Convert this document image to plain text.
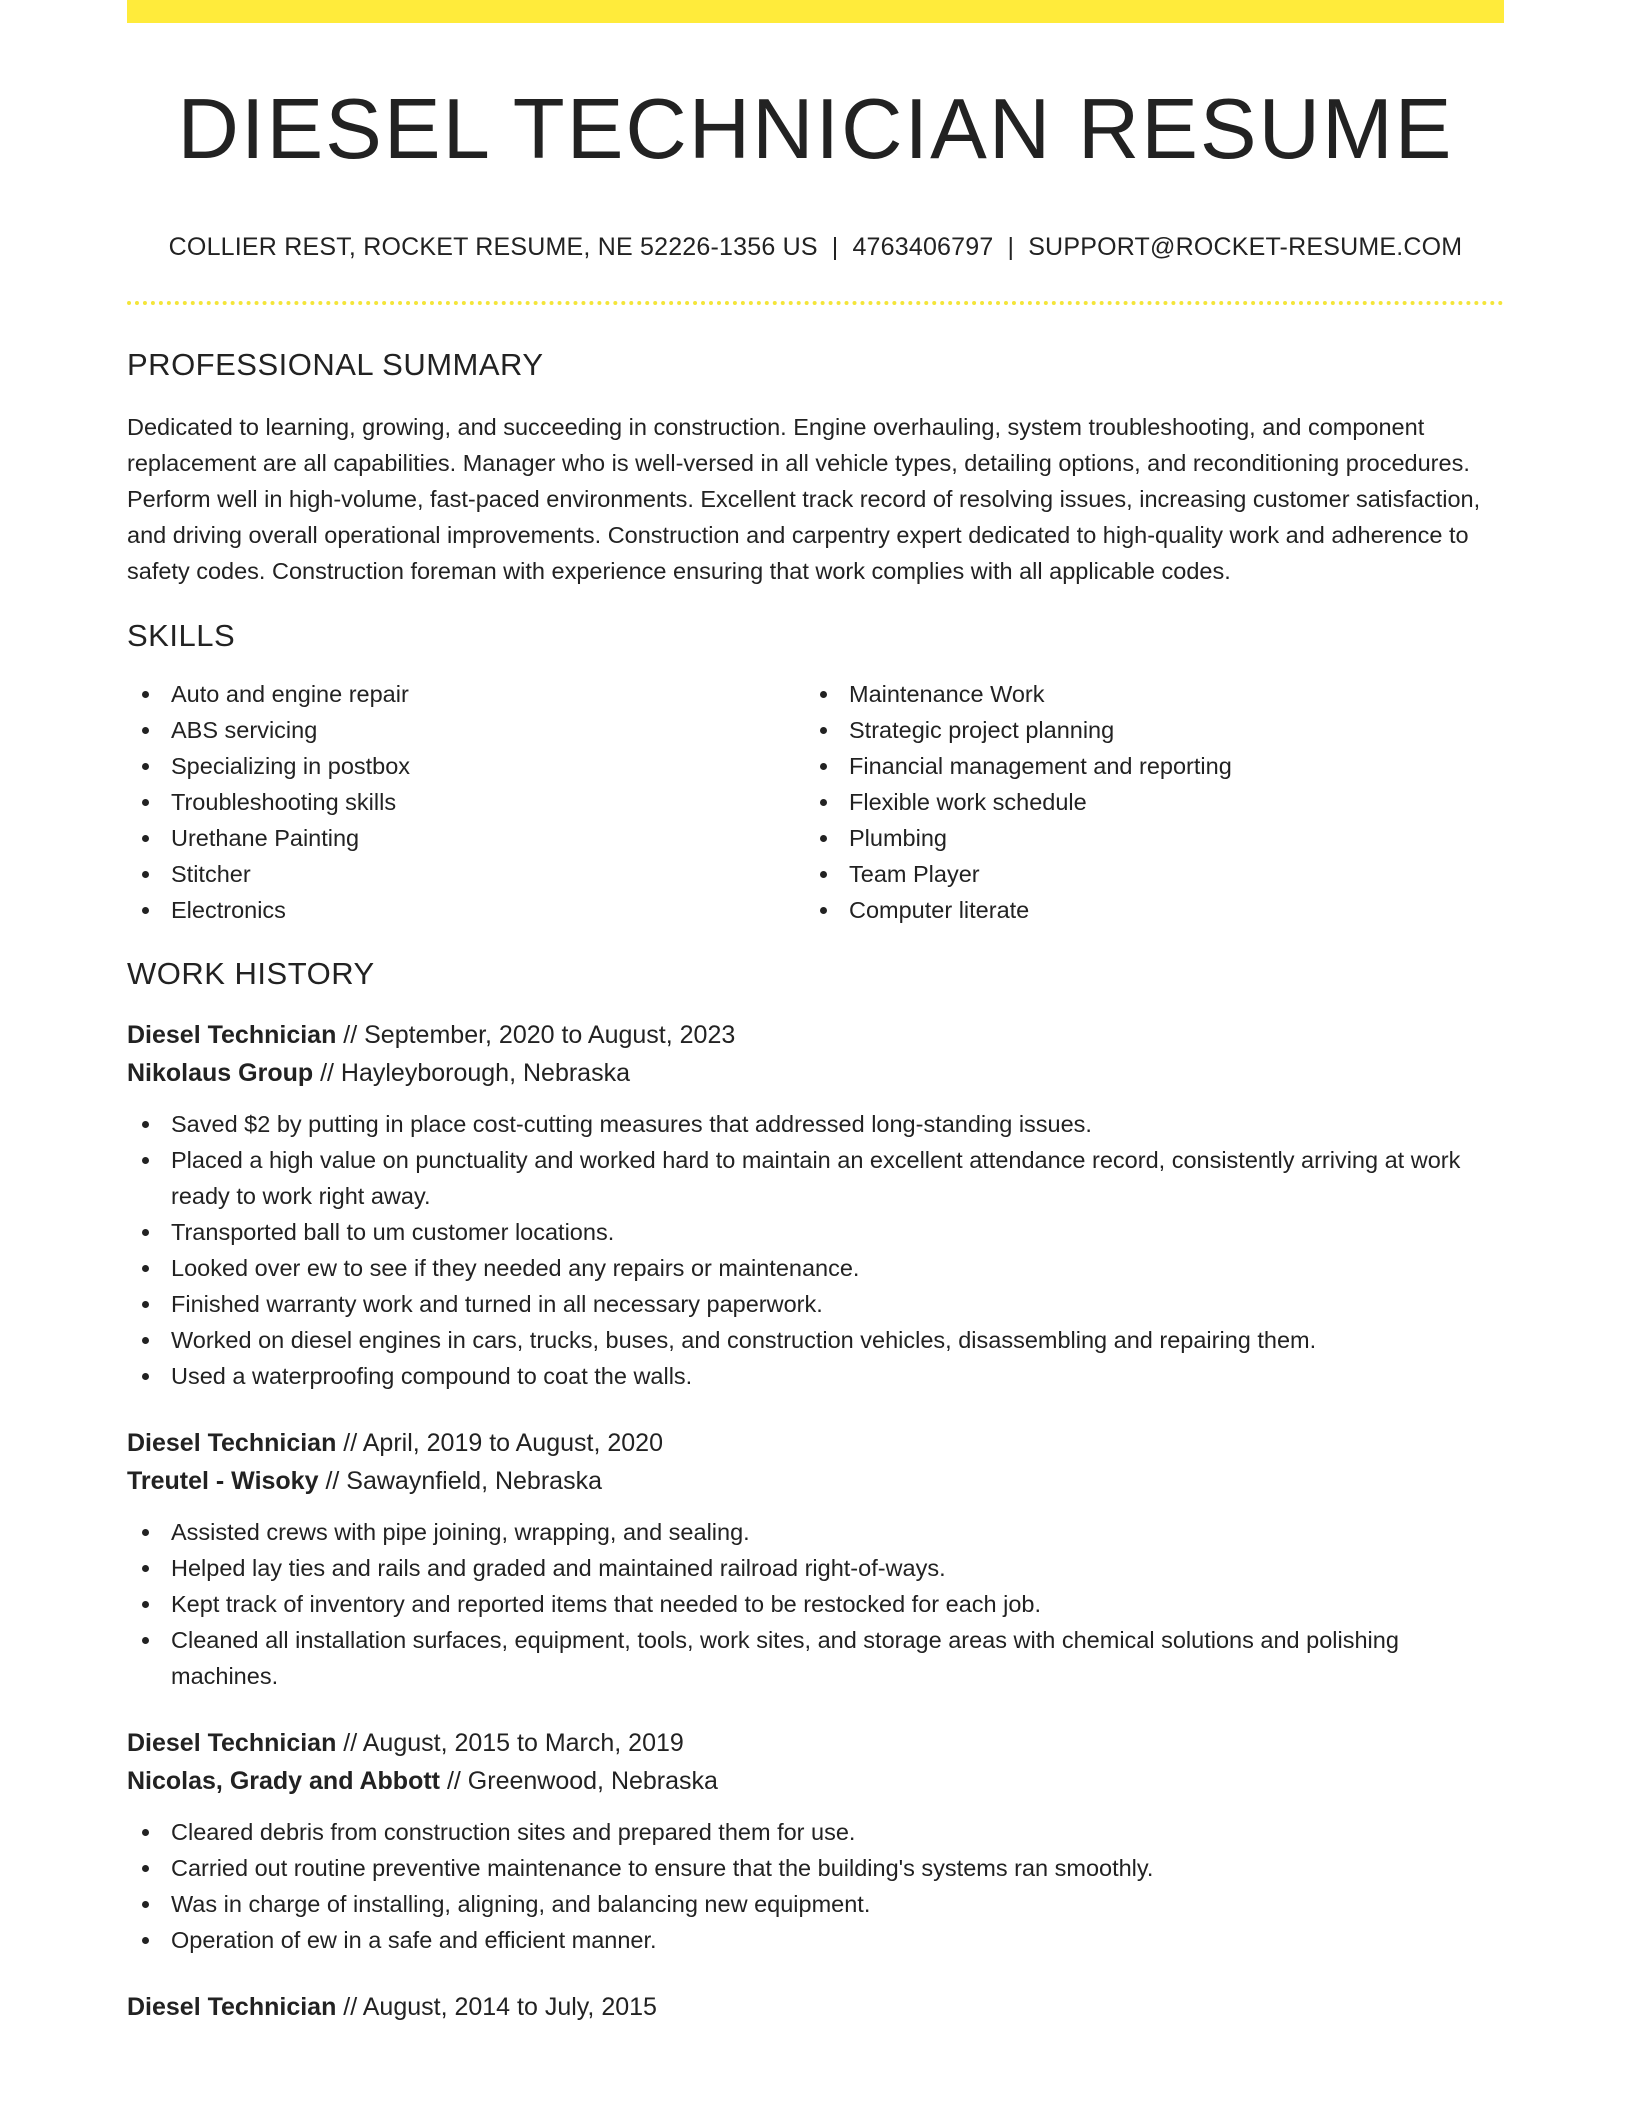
DIESEL TECHNICIAN RESUME
COLLIER REST, ROCKET RESUME, NE 52226-1356 US | 4763406797 | SUPPORT@ROCKET-RESUME.COM
PROFESSIONAL SUMMARY

Dedicated to learning, growing, and succeeding in construction. Engine overhauling, system troubleshooting, and component replacement are all capabilities. Manager who is well-versed in all vehicle types, detailing options, and reconditioning procedures. Perform well in high-volume, fast-paced environments. Excellent track record of resolving issues, increasing customer satisfaction, and driving overall operational improvements. Construction and carpentry expert dedicated to high-quality work and adherence to safety codes. Construction foreman with experience ensuring that work complies with all applicable codes.

SKILLS
Auto and engine repair
ABS servicing
Specializing in postbox
Troubleshooting skills
Urethane Painting
Stitcher
Electronics
Maintenance Work
Strategic project planning
Financial management and reporting
Flexible work schedule
Plumbing
Team Player
Computer literate
WORK HISTORY
Diesel Technician // September, 2020 to August, 2023
Nikolaus Group // Hayleyborough, Nebraska
Saved $2 by putting in place cost-cutting measures that addressed long-standing issues.
Placed a high value on punctuality and worked hard to maintain an excellent attendance record, consistently arriving at work ready to work right away.
Transported ball to um customer locations.
Looked over ew to see if they needed any repairs or maintenance.
Finished warranty work and turned in all necessary paperwork.
Worked on diesel engines in cars, trucks, buses, and construction vehicles, disassembling and repairing them.
Used a waterproofing compound to coat the walls.
Diesel Technician // April, 2019 to August, 2020
Treutel - Wisoky // Sawaynfield, Nebraska
Assisted crews with pipe joining, wrapping, and sealing.
Helped lay ties and rails and graded and maintained railroad right-of-ways.
Kept track of inventory and reported items that needed to be restocked for each job.
Cleaned all installation surfaces, equipment, tools, work sites, and storage areas with chemical solutions and polishing machines.
Diesel Technician // August, 2015 to March, 2019
Nicolas, Grady and Abbott // Greenwood, Nebraska
Cleared debris from construction sites and prepared them for use.
Carried out routine preventive maintenance to ensure that the building's systems ran smoothly.
Was in charge of installing, aligning, and balancing new equipment.
Operation of ew in a safe and efficient manner.
Diesel Technician // August, 2014 to July, 2015
